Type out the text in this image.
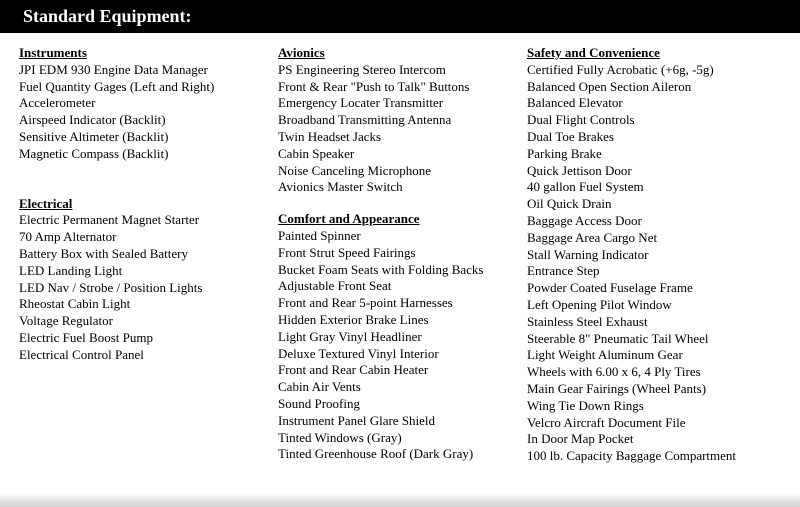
Standard Equipment:
Instruments
JPI EDM 930 Engine Data Manager
Fuel Quantity Gages (Left and Right)
Accelerometer
Airspeed Indicator (Backlit)
Sensitive Altimeter (Backlit)
Magnetic Compass (Backlit)
Electrical
Electric Permanent Magnet Starter
70 Amp Alternator
Battery Box with Sealed Battery
LED Landing Light
LED Nav / Strobe / Position Lights
Rheostat Cabin Light
Voltage Regulator
Electric Fuel Boost Pump
Electrical Control Panel
Avionics
PS Engineering Stereo Intercom
Front & Rear "Push to Talk" Buttons
Emergency Locater Transmitter
Broadband Transmitting Antenna
Twin Headset Jacks
Cabin Speaker
Noise Canceling Microphone
Avionics Master Switch
Comfort and Appearance
Painted Spinner
Front Strut Speed Fairings
Bucket Foam Seats with Folding Backs
Adjustable Front Seat
Front and Rear 5-point Harnesses
Hidden Exterior Brake Lines
Light Gray Vinyl Headliner
Deluxe Textured Vinyl Interior
Front and Rear Cabin Heater
Cabin Air Vents
Sound Proofing
Instrument Panel Glare Shield
Tinted Windows (Gray)
Tinted Greenhouse Roof (Dark Gray)
Safety and Convenience
Certified Fully Acrobatic (+6g, -5g)
Balanced Open Section Aileron
Balanced Elevator
Dual Flight Controls
Dual Toe Brakes
Parking Brake
Quick Jettison Door
40 gallon Fuel System
Oil Quick Drain
Baggage Access Door
Baggage Area Cargo Net
Stall Warning Indicator
Entrance Step
Powder Coated Fuselage Frame
Left Opening Pilot Window
Stainless Steel Exhaust
Steerable 8" Pneumatic Tail Wheel
Light Weight Aluminum Gear
Wheels with 6.00 x 6, 4 Ply Tires
Main Gear Fairings (Wheel Pants)
Wing Tie Down Rings
Velcro Aircraft Document File
In Door Map Pocket
100 lb. Capacity Baggage Compartment
